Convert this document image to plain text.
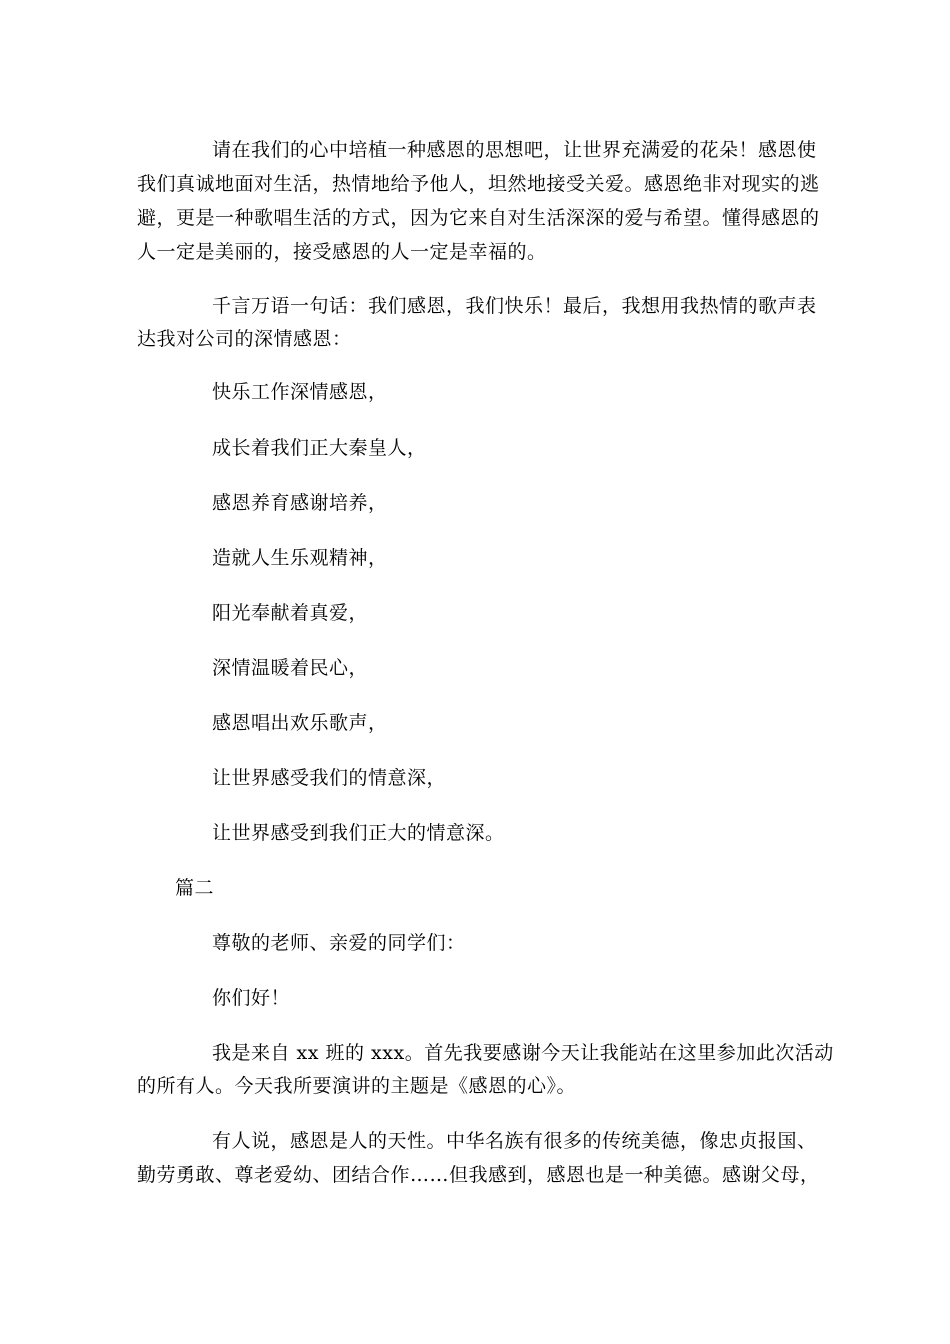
请在我们的心中培植一种感恩的思想吧，让世界充满爱的花朵！感恩使
我们真诚地面对生活，热情地给予他人，坦然地接受关爱。感恩绝非对现实的逃
避，更是一种歌唱生活的方式，因为它来自对生活深深的爱与希望。懂得感恩的
人一定是美丽的，接受感恩的人一定是幸福的。
千言万语一句话：我们感恩，我们快乐！最后，我想用我热情的歌声表
达我对公司的深情感恩：
快乐工作深情感恩，
成长着我们正大秦皇人，
感恩养育感谢培养，
造就人生乐观精神，
阳光奉献着真爱，
深情温暖着民心，
感恩唱出欢乐歌声，
让世界感受我们的情意深，
让世界感受到我们正大的情意深。
篇二
尊敬的老师、亲爱的同学们：
你们好！
我是来自 xx 班的 xxx。首先我要感谢今天让我能站在这里参加此次活动
的所有人。今天我所要演讲的主题是《感恩的心》。
有人说，感恩是人的天性。中华名族有很多的传统美德，像忠贞报国、
勤劳勇敢、尊老爱幼、团结合作……但我感到，感恩也是一种美德。感谢父母，
